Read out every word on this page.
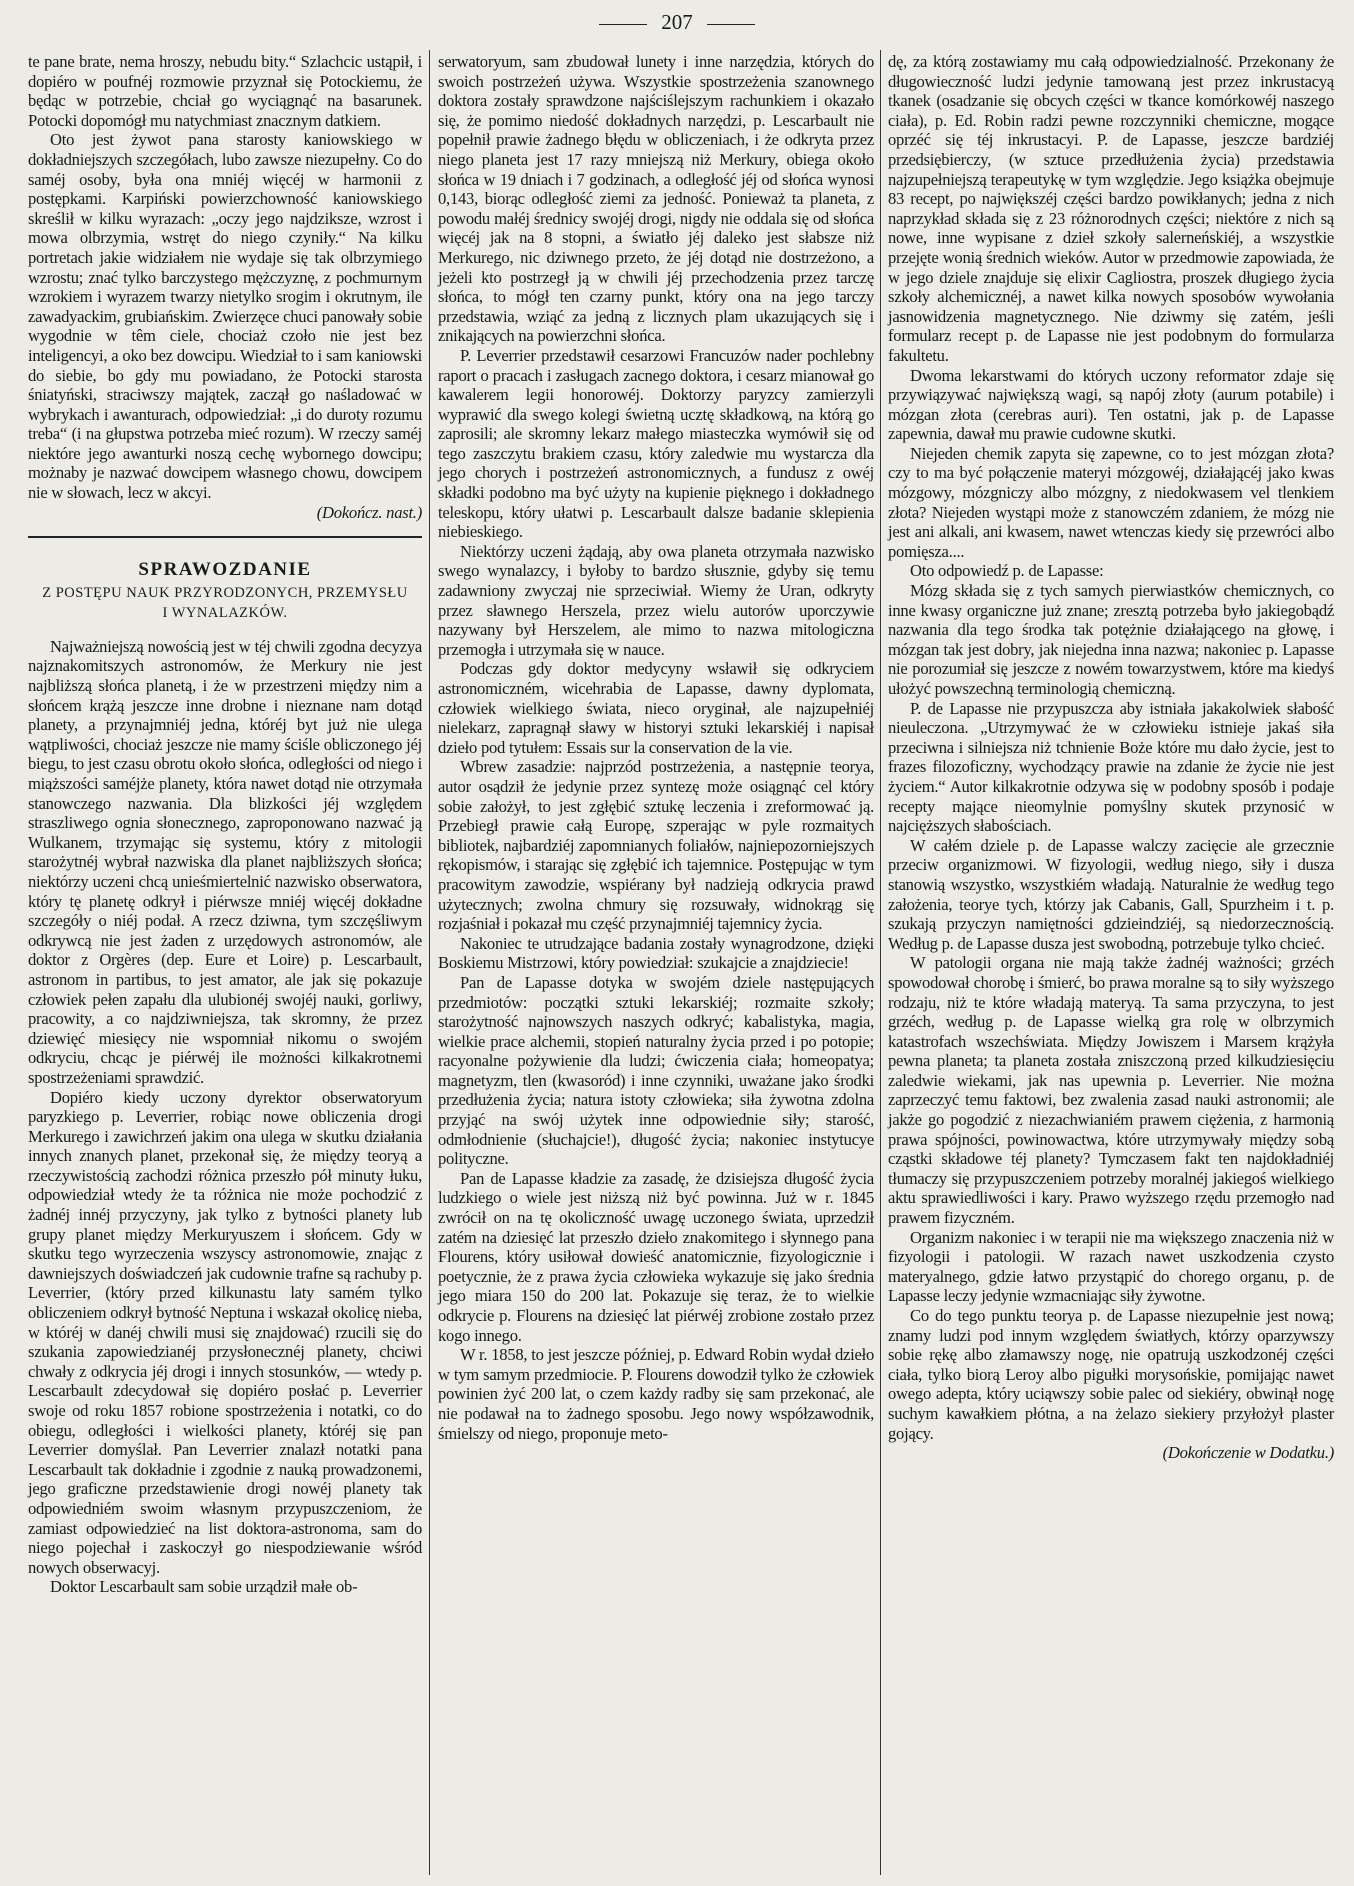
207

te pane brate, nema hroszy, nebudu bity.“ Szlachcic ustąpił, i dopiéro w poufnéj rozmowie przyznał się Potockiemu, że będąc w potrzebie, chciał go wyciągnąć na basarunek. Potocki dopomógł mu natychmiast znacznym datkiem.

Oto jest żywot pana starosty kaniowskiego w dokładniejszych szczegółach, lubo zawsze niezupełny. Co do saméj osoby, była ona mniéj więcéj w harmonii z postępkami. Karpiński powierzchowność kaniowskiego skreślił w kilku wyrazach: „oczy jego najdziksze, wzrost i mowa olbrzymia, wstręt do niego czyniły.“ Na kilku portretach jakie widziałem nie wydaje się tak olbrzymiego wzrostu; znać tylko barczystego mężczyznę, z pochmurnym wzrokiem i wyrazem twarzy nietylko srogim i okrutnym, ile zawadyackim, grubiańskim. Zwierzęce chuci panowały sobie wygodnie w têm ciele, chociaż czoło nie jest bez inteligencyi, a oko bez dowcipu. Wiedział to i sam kaniowski do siebie, bo gdy mu powiadano, że Potocki starosta śniatyński, straciwszy majątek, zaczął go naśladować w wybrykach i awanturach, odpowiedział: „i do duroty rozumu treba“ (i na głupstwa potrzeba mieć rozum). W rzeczy saméj niektóre jego awanturki noszą cechę wybornego dowcipu; możnaby je nazwać dowcipem własnego chowu, dowcipem nie w słowach, lecz w akcyi.

(Dokończ. nast.)

SPRAWOZDANIE

Z POSTĘPU NAUK PRZYRODZONYCH, PRZEMYSŁU

I WYNALAZKÓW.

Najważniejszą nowością jest w téj chwili zgodna decyzya najznakomitszych astronomów, że Merkury nie jest najbliższą słońca planetą, i że w przestrzeni między nim a słońcem krążą jeszcze inne drobne i nieznane nam dotąd planety, a przynajmniéj jedna, któréj byt już nie ulega wątpliwości, chociaż jeszcze nie mamy ściśle obliczonego jéj biegu, to jest czasu obrotu około słońca, odległości od niego i miąższości saméjże planety, która nawet dotąd nie otrzymała stanowczego nazwania. Dla blizkości jéj względem straszliwego ognia słonecznego, zaproponowano nazwać ją Wulkanem, trzymając się systemu, który z mitologii starożytnéj wybrał nazwiska dla planet najbliższych słońca; niektórzy uczeni chcą unieśmiertelnić nazwisko obserwatora, który tę planetę odkrył i piérwsze mniéj więcéj dokładne szczegóły o niéj podał. A rzecz dziwna, tym szczęśliwym odkrywcą nie jest żaden z urzędowych astronomów, ale doktor z Orgères (dep. Eure et Loire) p. Lescarbault, astronom in partibus, to jest amator, ale jak się pokazuje człowiek pełen zapału dla ulubionéj swojéj nauki, gorliwy, pracowity, a co najdziwniejsza, tak skromny, że przez dziewięć miesięcy nie wspomniał nikomu o swojém odkryciu, chcąc je piérwéj ile możności kilkakrotnemi spostrzeżeniami sprawdzić.

Dopiéro kiedy uczony dyrektor obserwatoryum paryzkiego p. Leverrier, robiąc nowe obliczenia drogi Merkurego i zawichrzeń jakim ona ulega w skutku działania innych znanych planet, przekonał się, że między teoryą a rzeczywistością zachodzi różnica przeszło pół minuty łuku, odpowiedział wtedy że ta różnica nie może pochodzić z żadnéj innéj przyczyny, jak tylko z bytności planety lub grupy planet między Merkuryuszem i słońcem. Gdy w skutku tego wyrzeczenia wszyscy astronomowie, znając z dawniejszych doświadczeń jak cudownie trafne są rachuby p. Leverrier, (który przed kilkunastu laty samém tylko obliczeniem odkrył bytność Neptuna i wskazał okolicę nieba, w któréj w danéj chwili musi się znajdować) rzucili się do szukania zapowiedzianéj przysłonecznéj planety, chciwi chwały z odkrycia jéj drogi i innych stosunków, — wtedy p. Lescarbault zdecydował się dopiéro posłać p. Leverrier swoje od roku 1857 robione spostrzeżenia i notatki, co do obiegu, odległości i wielkości planety, któréj się pan Leverrier domyślał. Pan Leverrier znalazł notatki pana Lescarbault tak dokładnie i zgodnie z nauką prowadzonemi, jego graficzne przedstawienie drogi nowéj planety tak odpowiedniém swoim własnym przypuszczeniom, że zamiast odpowiedzieć na list doktora-astronoma, sam do niego pojechał i zaskoczył go niespodziewanie wśród nowych obserwacyj.

Doktor Lescarbault sam sobie urządził małe ob-

serwatoryum, sam zbudował lunety i inne narzędzia, których do swoich postrzeżeń używa. Wszystkie spostrzeżenia szanownego doktora zostały sprawdzone najściślejszym rachunkiem i okazało się, że pomimo niedość dokładnych narzędzi, p. Lescarbault nie popełnił prawie żadnego błędu w obliczeniach, i że odkryta przez niego planeta jest 17 razy mniejszą niż Merkury, obiega około słońca w 19 dniach i 7 godzinach, a odległość jéj od słońca wynosi 0,143, biorąc odległość ziemi za jedność. Ponieważ ta planeta, z powodu małéj średnicy swojéj drogi, nigdy nie oddala się od słońca więcéj jak na 8 stopni, a światło jéj daleko jest słabsze niż Merkurego, nic dziwnego przeto, że jéj dotąd nie dostrzeżono, a jeżeli kto postrzegł ją w chwili jéj przechodzenia przez tarczę słońca, to mógł ten czarny punkt, który ona na jego tarczy przedstawia, wziąć za jedną z licznych plam ukazujących się i znikających na powierzchni słońca.

P. Leverrier przedstawił cesarzowi Francuzów nader pochlebny raport o pracach i zasługach zacnego doktora, i cesarz mianował go kawalerem legii honorowéj. Doktorzy paryzcy zamierzyli wyprawić dla swego kolegi świetną ucztę składkową, na którą go zaprosili; ale skromny lekarz małego miasteczka wymówił się od tego zaszczytu brakiem czasu, który zaledwie mu wystarcza dla jego chorych i postrzeżeń astronomicznych, a fundusz z owéj składki podobno ma być użyty na kupienie pięknego i dokładnego teleskopu, który ułatwi p. Lescarbault dalsze badanie sklepienia niebieskiego.

Niektórzy uczeni żądają, aby owa planeta otrzymała nazwisko swego wynalazcy, i byłoby to bardzo słusznie, gdyby się temu zadawniony zwyczaj nie sprzeciwiał. Wiemy że Uran, odkryty przez sławnego Herszela, przez wielu autorów uporczywie nazywany był Herszelem, ale mimo to nazwa mitologiczna przemogła i utrzymała się w nauce.

Podczas gdy doktor medycyny wsławił się odkryciem astronomiczném, wicehrabia de Lapasse, dawny dyplomata, człowiek wielkiego świata, nieco oryginał, ale najzupełniéj nielekarz, zapragnął sławy w historyi sztuki lekarskiéj i napisał dzieło pod tytułem: Essais sur la conservation de la vie.

Wbrew zasadzie: najprzód postrzeżenia, a następnie teorya, autor osądził że jedynie przez syntezę może osiągnąć cel który sobie założył, to jest zgłębić sztukę leczenia i zreformować ją. Przebiegł prawie całą Europę, szperając w pyle rozmaitych bibliotek, najbardziéj zapomnianych foliałów, najniepozorniejszych rękopismów, i starając się zgłębić ich tajemnice. Postępując w tym pracowitym zawodzie, wspiérany był nadzieją odkrycia prawd użytecznych; zwolna chmury się rozsuwały, widnokrąg się rozjaśniał i pokazał mu część przynajmniéj tajemnicy życia.

Nakoniec te utrudzające badania zostały wynagrodzone, dzięki Boskiemu Mistrzowi, który powiedział: szukajcie a znajdziecie!

Pan de Lapasse dotyka w swojém dziele następujących przedmiotów: początki sztuki lekarskiéj; rozmaite szkoły; starożytność najnowszych naszych odkryć; kabalistyka, magia, wielkie prace alchemii, stopień naturalny życia przed i po potopie; racyonalne pożywienie dla ludzi; ćwiczenia ciała; homeopatya; magnetyzm, tlen (kwasoród) i inne czynniki, uważane jako środki przedłużenia życia; natura istoty człowieka; siła żywotna zdolna przyjąć na swój użytek inne odpowiednie siły; starość, odmłodnienie (słuchajcie!), długość życia; nakoniec instytucye polityczne.

Pan de Lapasse kładzie za zasadę, że dzisiejsza długość życia ludzkiego o wiele jest niższą niż być powinna. Już w r. 1845 zwrócił on na tę okoliczność uwagę uczonego świata, uprzedził zatém na dziesięć lat przeszło dzieło znakomitego i słynnego pana Flourens, który usiłował dowieść anatomicznie, fizyologicznie i poetycznie, że z prawa życia człowieka wykazuje się jako średnia jego miara 150 do 200 lat. Pokazuje się teraz, że to wielkie odkrycie p. Flourens na dziesięć lat piérwéj zrobione zostało przez kogo innego.

W r. 1858, to jest jeszcze później, p. Edward Robin wydał dzieło w tym samym przedmiocie. P. Flourens dowodził tylko że człowiek powinien żyć 200 lat, o czem każdy radby się sam przekonać, ale nie podawał na to żadnego sposobu. Jego nowy współzawodnik, śmielszy od niego, proponuje meto-

dę, za którą zostawiamy mu całą odpowiedzialność. Przekonany że długowieczność ludzi jedynie tamowaną jest przez inkrustacyą tkanek (osadzanie się obcych części w tkance komórkowéj naszego ciała), p. Ed. Robin radzi pewne rozczynniki chemiczne, mogące oprzéć się téj inkrustacyi. P. de Lapasse, jeszcze bardziéj przedsiębierczy, (w sztuce przedłużenia życia) przedstawia najzupełniejszą terapeutykę w tym względzie. Jego książka obejmuje 83 recept, po największéj części bardzo powikłanych; jedna z nich naprzykład składa się z 23 różnorodnych części; niektóre z nich są nowe, inne wypisane z dzieł szkoły salerneńskiéj, a wszystkie przejęte wonią średnich wieków. Autor w przedmowie zapowiada, że w jego dziele znajduje się elixir Cagliostra, proszek długiego życia szkoły alchemicznéj, a nawet kilka nowych sposobów wywołania jasnowidzenia magnetycznego. Nie dziwmy się zatém, jeśli formularz recept p. de Lapasse nie jest podobnym do formularza fakultetu.

Dwoma lekarstwami do których uczony reformator zdaje się przywiązywać największą wagi, są napój złoty (aurum potabile) i mózgan złota (cerebras auri). Ten ostatni, jak p. de Lapasse zapewnia, dawał mu prawie cudowne skutki.

Niejeden chemik zapyta się zapewne, co to jest mózgan złota? czy to ma być połączenie materyi mózgowéj, działającéj jako kwas mózgowy, mózgniczy albo mózgny, z niedokwasem vel tlenkiem złota? Niejeden wystąpi może z stanowczém zdaniem, że mózg nie jest ani alkali, ani kwasem, nawet wtenczas kiedy się przewróci albo pomięsza....

Oto odpowiedź p. de Lapasse:

Mózg składa się z tych samych pierwiastków chemicznych, co inne kwasy organiczne już znane; zresztą potrzeba było jakiegobądź nazwania dla tego środka tak potężnie działającego na głowę, i mózgan tak jest dobry, jak niejedna inna nazwa; nakoniec p. Lapasse nie porozumiał się jeszcze z nowém towarzystwem, które ma kiedyś ułożyć powszechną terminologią chemiczną.

P. de Lapasse nie przypuszcza aby istniała jakakolwiek słabość nieuleczona. „Utrzymywać że w człowieku istnieje jakaś siła przeciwna i silniejsza niż tchnienie Boże które mu dało życie, jest to frazes filozoficzny, wychodzący prawie na zdanie że życie nie jest życiem.“ Autor kilkakrotnie odzywa się w podobny sposób i podaje recepty mające nieomylnie pomyślny skutek przynosić w najcięższych słabościach.

W całém dziele p. de Lapasse walczy zacięcie ale grzecznie przeciw organizmowi. W fizyologii, według niego, siły i dusza stanowią wszystko, wszystkiém władają. Naturalnie że według tego założenia, teorye tych, którzy jak Cabanis, Gall, Spurzheim i t. p. szukają przyczyn namiętności gdzieindziéj, są niedorzecznością. Według p. de Lapasse dusza jest swobodną, potrzebuje tylko chcieć.

W patologii organa nie mają także żadnéj ważności; grzéch spowodował chorobę i śmierć, bo prawa moralne są to siły wyższego rodzaju, niż te które władają materyą. Ta sama przyczyna, to jest grzéch, według p. de Lapasse wielką gra rolę w olbrzymich katastrofach wszechświata. Między Jowiszem i Marsem krążyła pewna planeta; ta planeta została zniszczoną przed kilkudziesięciu zaledwie wiekami, jak nas upewnia p. Leverrier. Nie można zaprzeczyć temu faktowi, bez zwalenia zasad nauki astronomii; ale jakże go pogodzić z niezachwianiém prawem ciężenia, z harmonią prawa spójności, powinowactwa, które utrzymywały między sobą cząstki składowe téj planety? Tymczasem fakt ten najdokładniéj tłumaczy się przypuszczeniem potrzeby moralnéj jakiegoś wielkiego aktu sprawiedliwości i kary. Prawo wyższego rzędu przemogło nad prawem fizyczném.

Organizm nakoniec i w terapii nie ma większego znaczenia niż w fizyologii i patologii. W razach nawet uszkodzenia czysto materyalnego, gdzie łatwo przystąpić do chorego organu, p. de Lapasse leczy jedynie wzmacniając siły żywotne.

Co do tego punktu teorya p. de Lapasse niezupełnie jest nową; znamy ludzi pod innym względem światłych, którzy oparzywszy sobie rękę albo złamawszy nogę, nie opatrują uszkodzonéj części ciała, tylko biorą Leroy albo pigułki morysońskie, pomijając nawet owego adepta, który uciąwszy sobie palec od siekiéry, obwinął nogę suchym kawałkiem płótna, a na żelazo siekiery przyłożył plaster gojący.

(Dokończenie w Dodatku.)
